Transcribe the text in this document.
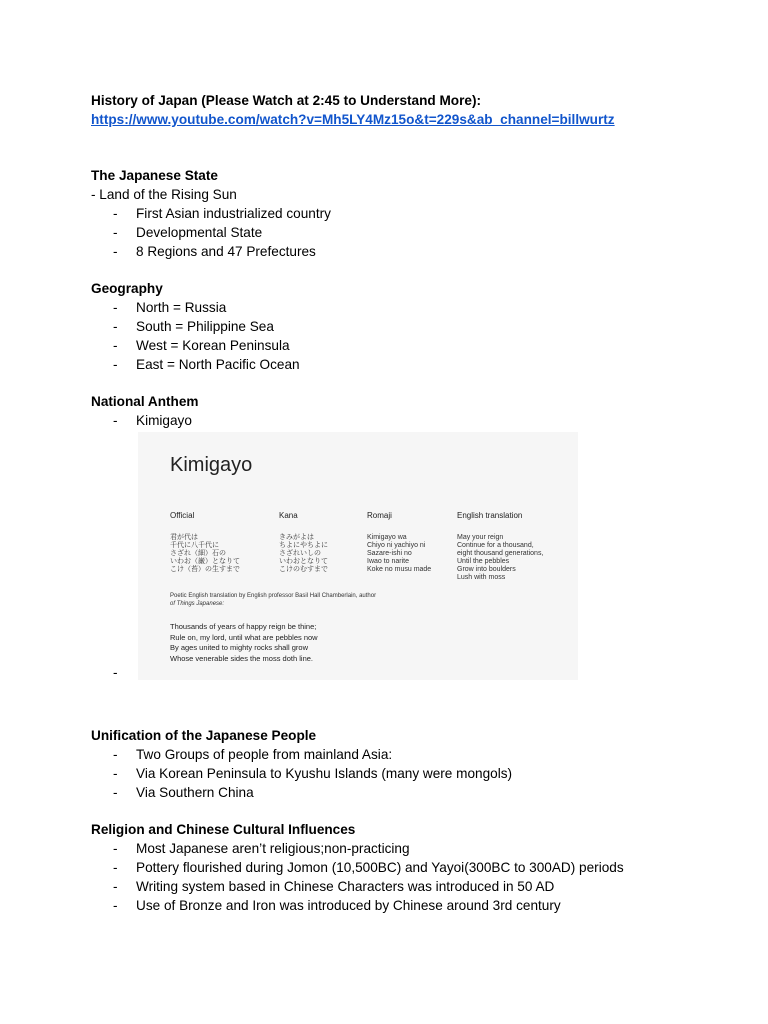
History of Japan (Please Watch at 2:45 to Understand More):

https://www.youtube.com/watch?v=Mh5LY4Mz15o&t=229s&ab_channel=billwurtz

The Japanese State

- Land of the Rising Sun

- First Asian industrialized country
- Developmental State
- 8 Regions and 47 Prefectures

Geography

- North = Russia
- South = Philippine Sea
- West = Korean Peninsula
- East = North Pacific Ocean

National Anthem

- Kimigayo
Kimigayo
Official
君が代は
千代に八千代に
さざれ（細）石の
いわお（巌）となりて
こけ（苔）の生すまで
Kana
きみがよは
ちよにやちよに
さざれいしの
いわおとなりて
こけのむすまで
Romaji
Kimigayo wa
Chiyo ni yachiyo ni
Sazare-ishi no
Iwao to narite
Koke no musu made
English translation
May your reign
Continue for a thousand,
eight thousand generations,
Until the pebbles
Grow into boulders
Lush with moss
Poetic English translation by English professor Basil Hall Chamberlain, author
of Things Japanese:
Thousands of years of happy reign be thine;
Rule on, my lord, until what are pebbles now
By ages united to mighty rocks shall grow
Whose venerable sides the moss doth line.
-

Unification of the Japanese People

- Two Groups of people from mainland Asia:
- Via Korean Peninsula to Kyushu Islands (many were mongols)
- Via Southern China

Religion and Chinese Cultural Influences

- Most Japanese aren’t religious;non-practicing
- Pottery flourished during Jomon (10,500BC) and Yayoi(300BC to 300AD) periods
- Writing system based in Chinese Characters was introduced in 50 AD
- Use of Bronze and Iron was introduced by Chinese around 3rd century
